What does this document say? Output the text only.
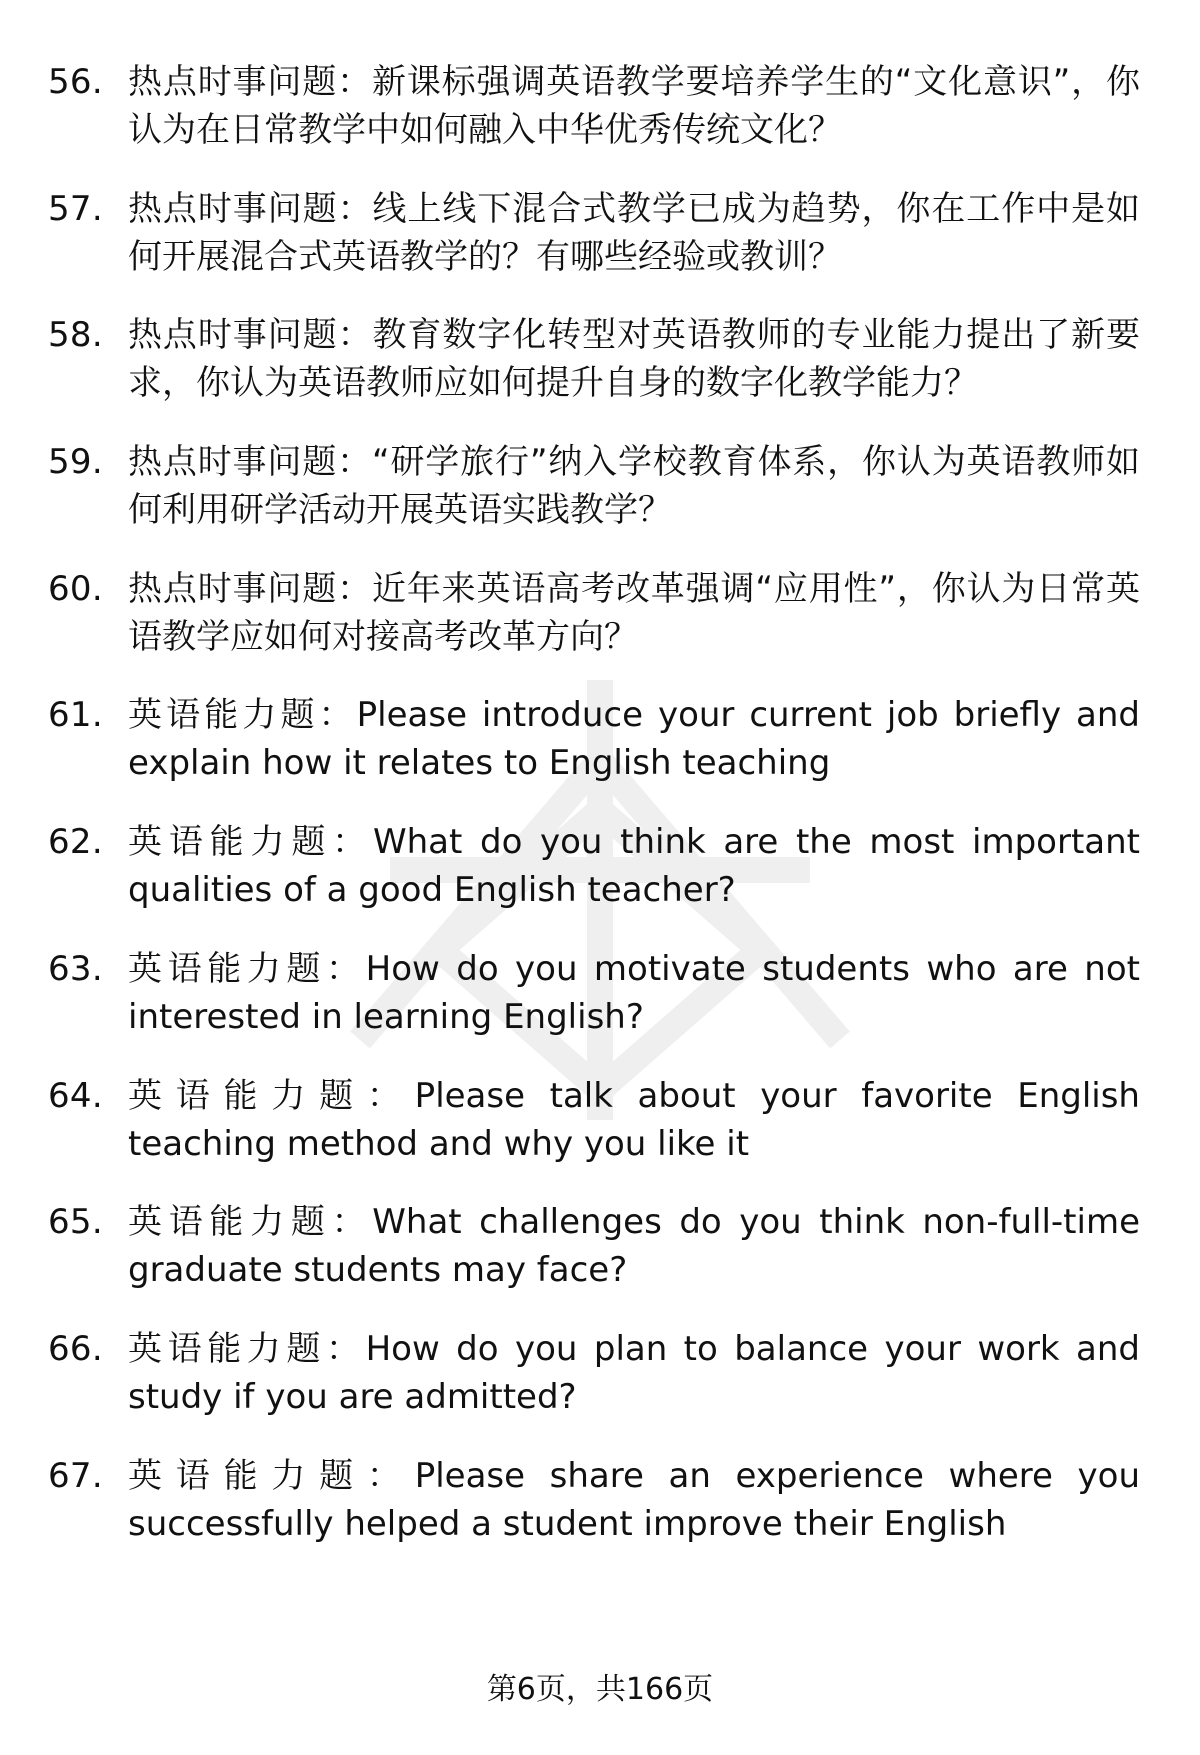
56. 热点时事问题：新课标强调英语教学要培养学生的“文化意识”，你认为在日常教学中如何融入中华优秀传统文化？
57. 热点时事问题：线上线下混合式教学已成为趋势，你在工作中是如何开展混合式英语教学的？有哪些经验或教训？
58. 热点时事问题：教育数字化转型对英语教师的专业能力提出了新要求，你认为英语教师应如何提升自身的数字化教学能力？
59. 热点时事问题：“研学旅行”纳入学校教育体系，你认为英语教师如何利用研学活动开展英语实践教学？
60. 热点时事问题：近年来英语高考改革强调“应用性”，你认为日常英语教学应如何对接高考改革方向？
61. 英语能力题：Please introduce your current job briefly and explain how it relates to English teaching
62. 英语能力题：What do you think are the most important qualities of a good English teacher?
63. 英语能力题：How do you motivate students who are not interested in learning English?
64. 英语能力题：Please talk about your favorite English teaching method and why you like it
65. 英语能力题：What challenges do you think non-full-time graduate students may face?
66. 英语能力题：How do you plan to balance your work and study if you are admitted?
67. 英语能力题：Please share an experience where you successfully helped a student improve their English
第6页，共166页
